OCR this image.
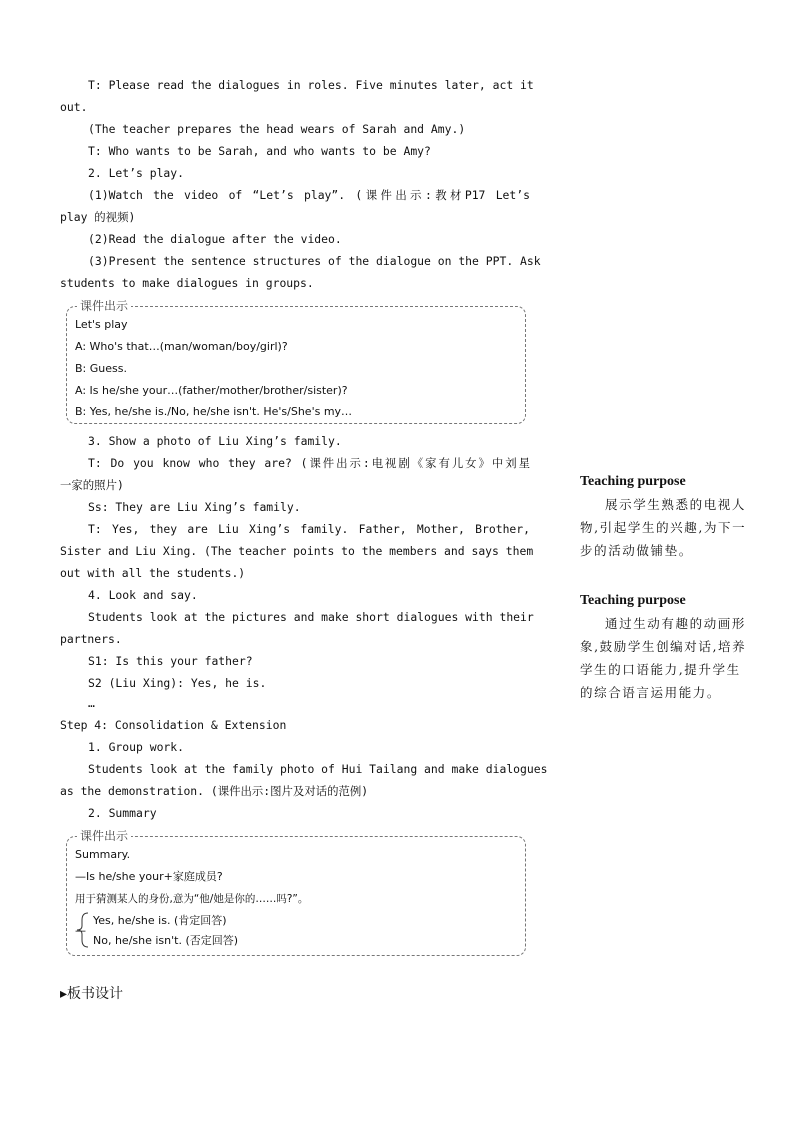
T: Please read the dialogues in roles. Five minutes later, act it
out.
(The teacher prepares the head wears of Sarah and Amy.)
T: Who wants to be Sarah, and who wants to be Amy?
2. Let’s play.
(1)Watch the video of “Let’s play”. (课件出示:教材P17 Let’s
play 的视频)
(2)Read the dialogue after the video.
(3)Present the sentence structures of the dialogue on the PPT. Ask
students to make dialogues in groups.
3. Show a photo of Liu Xing’s family.
T: Do you know who they are? (课件出示:电视剧《家有儿女》中刘星
一家的照片)
Ss: They are Liu Xing’s family.
T: Yes, they are Liu Xing’s family. Father, Mother, Brother,
Sister and Liu Xing. (The teacher points to the members and says them
out with all the students.)
4. Look and say.
Students look at the pictures and make short dialogues with their
partners.
S1: Is this your father?
S2 (Liu Xing): Yes, he is.
…
Step 4: Consolidation & Extension
1. Group work.
Students look at the family photo of Hui Tailang and make dialogues
as the demonstration. (课件出示:图片及对话的范例)
2. Summary
课件出示
Let's play
A: Who's that…(man/woman/boy/girl)?
B: Guess.
A: Is he/she your…(father/mother/brother/sister)?
B: Yes, he/she is./No, he/she isn't. He's/She's my…
课件出示
Summary.
—Is he/she your+家庭成员?
用于猜测某人的身份,意为“他/她是你的……吗?”。
Yes, he/she is. (肯定回答)
No, he/she isn't. (否定回答)
—
Teaching purpose
展示学生熟悉的电视人物,引起学生的兴趣,为下一步的活动做铺垫。
Teaching purpose
通过生动有趣的动画形象,鼓励学生创编对话,培养学生的口语能力,提升学生的综合语言运用能力。
▸板书设计
